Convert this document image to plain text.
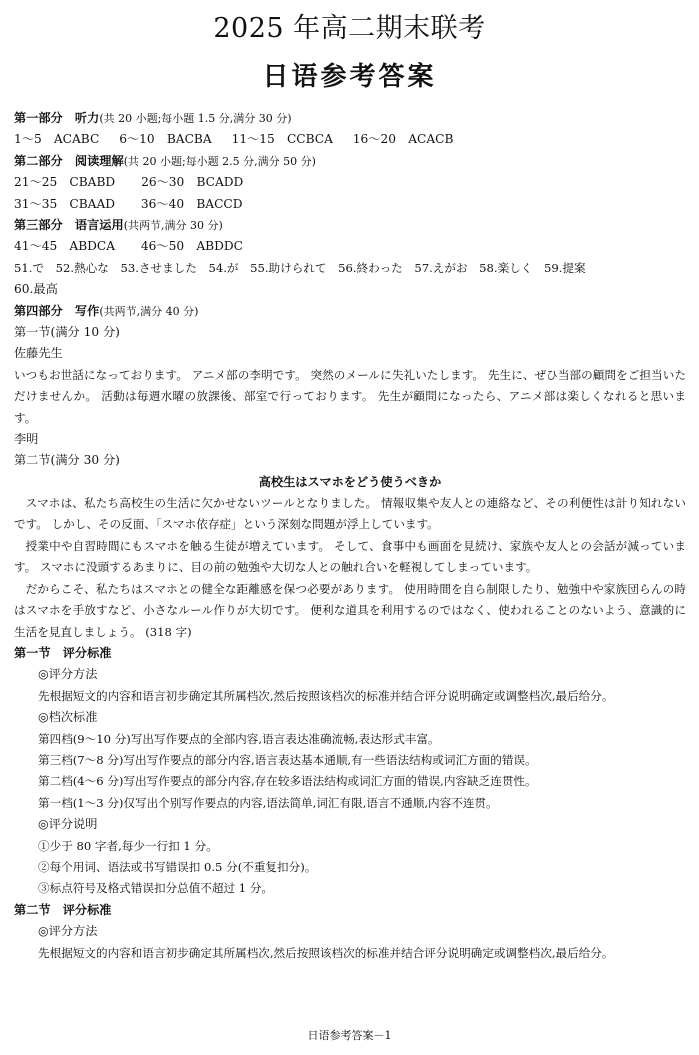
2025 年高二期末联考
日语参考答案
第一部分　听力(共 20 小题;每小题 1.5 分,满分 30 分)
1～5　ACABC 6～10　BACBA 11～15　CCBCA 16～20　ACACB
第二部分　阅读理解(共 20 小题;每小题 2.5 分,满分 50 分)
21～25　CBABD 26～30　BCADD
31～35　CBAAD 36～40　BACCD
第三部分　语言运用(共两节,满分 30 分)
41～45　ABDCA 46～50　ABDDC
51.で　52.熱心な　53.させました　54.が　55.助けられて　56.終わった　57.えがお　58.楽しく　59.提案
60.最高
第四部分　写作(共两节,满分 40 分)
第一节(满分 10 分)
佐藤先生
いつもお世話になっております。 アニメ部の李明です。 突然のメールに失礼いたします。 先生に、ぜひ当部の顧問をご担当いただけませんか。 活動は毎週水曜の放課後、部室で行っております。 先生が顧問になったら、アニメ部は楽しくなれると思います。
李明
第二节(满分 30 分)
高校生はスマホをどう使うべきか
スマホは、私たち高校生の生活に欠かせないツールとなりました。 情報収集や友人との連絡など、その利便性は計り知れないです。 しかし、その反面、「スマホ依存症」という深刻な問題が浮上しています。
授業中や自習時間にもスマホを触る生徒が増えています。 そして、食事中も画面を見続け、家族や友人との会話が減っています。 スマホに没頭するあまりに、目の前の勉強や大切な人との触れ合いを軽視してしまっています。
だからこそ、私たちはスマホとの健全な距離感を保つ必要があります。 使用時間を自ら制限したり、勉強中や家族団らんの時はスマホを手放すなど、小さなルール作りが大切です。 便利な道具を利用するのではなく、使われることのないよう、意識的に生活を見直しましょう。 (318 字)
第一节　评分标准
◎评分方法
先根据短文的内容和语言初步确定其所属档次,然后按照该档次的标准并结合评分说明确定或调整档次,最后给分。
◎档次标准
第四档(9～10 分)写出写作要点的全部内容,语言表达准确流畅,表达形式丰富。
第三档(7～8 分)写出写作要点的部分内容,语言表达基本通顺,有一些语法结构或词汇方面的错误。
第二档(4～6 分)写出写作要点的部分内容,存在较多语法结构或词汇方面的错误,内容缺乏连贯性。
第一档(1～3 分)仅写出个别写作要点的内容,语法简单,词汇有限,语言不通顺,内容不连贯。
◎评分说明
①少于 80 字者,每少一行扣 1 分。
②每个用词、语法或书写错误扣 0.5 分(不重复扣分)。
③标点符号及格式错误扣分总值不超过 1 分。
第二节　评分标准
◎评分方法
先根据短文的内容和语言初步确定其所属档次,然后按照该档次的标准并结合评分说明确定或调整档次,最后给分。
日语参考答案－1
